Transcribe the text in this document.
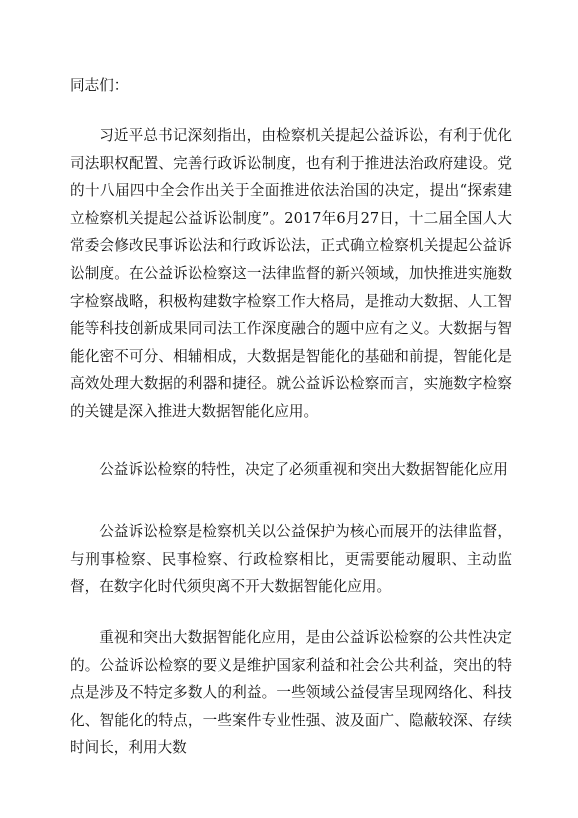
同志们：

习近平总书记深刻指出，由检察机关提起公益诉讼，有利于优化司法职权配置、完善行政诉讼制度，也有利于推进法治政府建设。党的十八届四中全会作出关于全面推进依法治国的决定，提出“探索建立检察机关提起公益诉讼制度”。2017年6月27日，十二届全国人大常委会修改民事诉讼法和行政诉讼法，正式确立检察机关提起公益诉讼制度。在公益诉讼检察这一法律监督的新兴领域，加快推进实施数字检察战略，积极构建数字检察工作大格局，是推动大数据、人工智能等科技创新成果同司法工作深度融合的题中应有之义。大数据与智能化密不可分、相辅相成，大数据是智能化的基础和前提，智能化是高效处理大数据的利器和捷径。就公益诉讼检察而言，实施数字检察的关键是深入推进大数据智能化应用。

公益诉讼检察的特性，决定了必须重视和突出大数据智能化应用

公益诉讼检察是检察机关以公益保护为核心而展开的法律监督，与刑事检察、民事检察、行政检察相比，更需要能动履职、主动监督，在数字化时代须臾离不开大数据智能化应用。

重视和突出大数据智能化应用，是由公益诉讼检察的公共性决定的。公益诉讼检察的要义是维护国家利益和社会公共利益，突出的特点是涉及不特定多数人的利益。一些领域公益侵害呈现网络化、科技化、智能化的特点，一些案件专业性强、波及面广、隐蔽较深、存续时间长，利用大数
